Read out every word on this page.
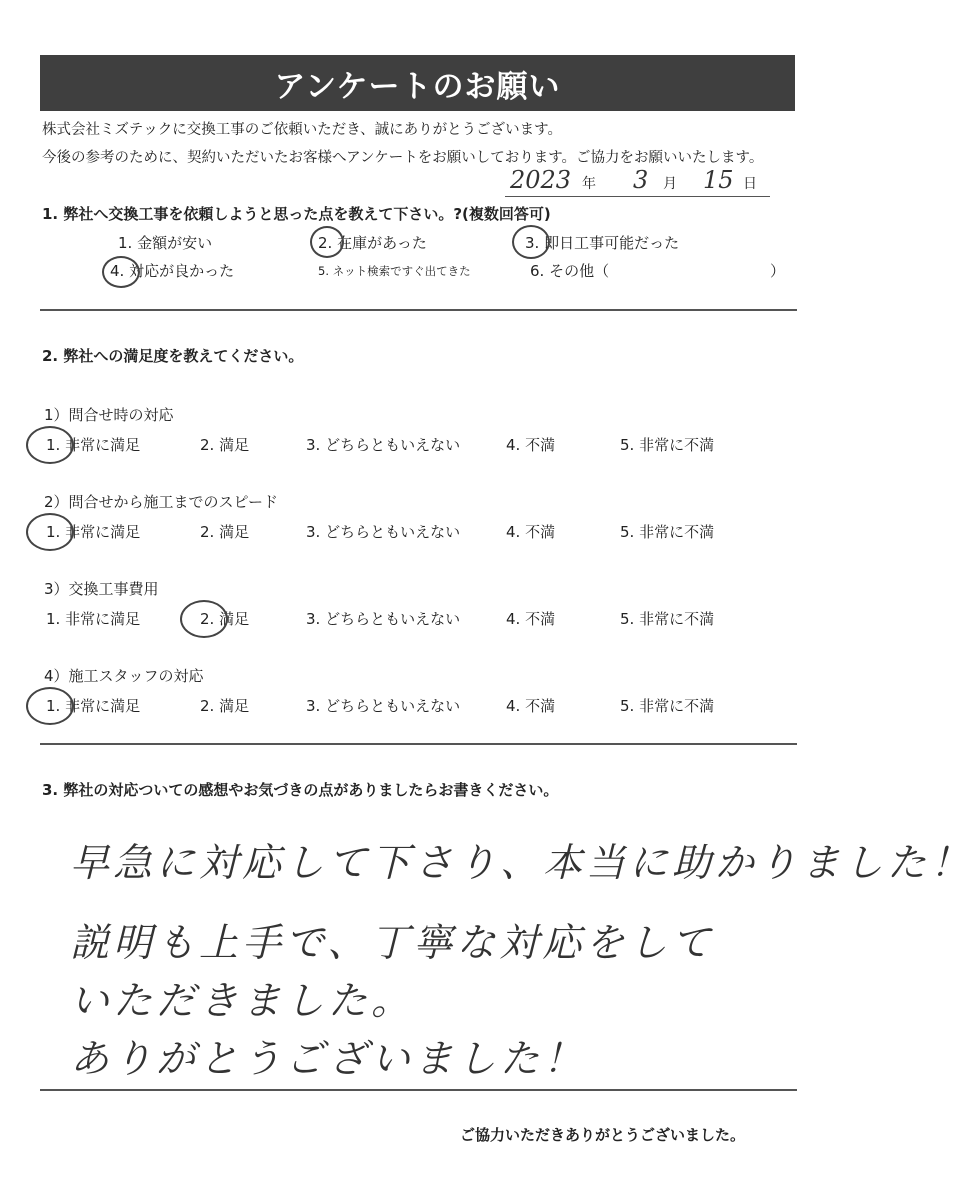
アンケートのお願い
株式会社ミズテックに交換工事のご依頼いただき、誠にありがとうございます。
今後の参考のために、契約いただいたお客様へアンケートをお願いしております。ご協力をお願いいたします。
2023 年 3 月 15 日
1. 弊社へ交換工事を依頼しようと思った点を教えて下さい。?(複数回答可)
1. 金額が安い	2. 在庫があった	3. 即日工事可能だった
4. 対応が良かった	5. ネット検索ですぐ出てきた	6. その他（	）
2. 弊社への満足度を教えてください。
1）問合せ時の対応
1. 非常に満足	2. 満足	3. どちらともいえない	4. 不満	5. 非常に不満
2）問合せから施工までのスピード
1. 非常に満足	2. 満足	3. どちらともいえない	4. 不満	5. 非常に不満
3）交換工事費用
1. 非常に満足	2. 満足	3. どちらともいえない	4. 不満	5. 非常に不満
4）施工スタッフの対応
1. 非常に満足	2. 満足	3. どちらともいえない	4. 不満	5. 非常に不満
3. 弊社の対応ついての感想やお気づきの点がありましたらお書きください。
早急に対応して下さり、本当に助かりました！
説明も上手で、丁寧な対応をして
いただきました。
ありがとうございました！
ご協力いただきありがとうございました。
